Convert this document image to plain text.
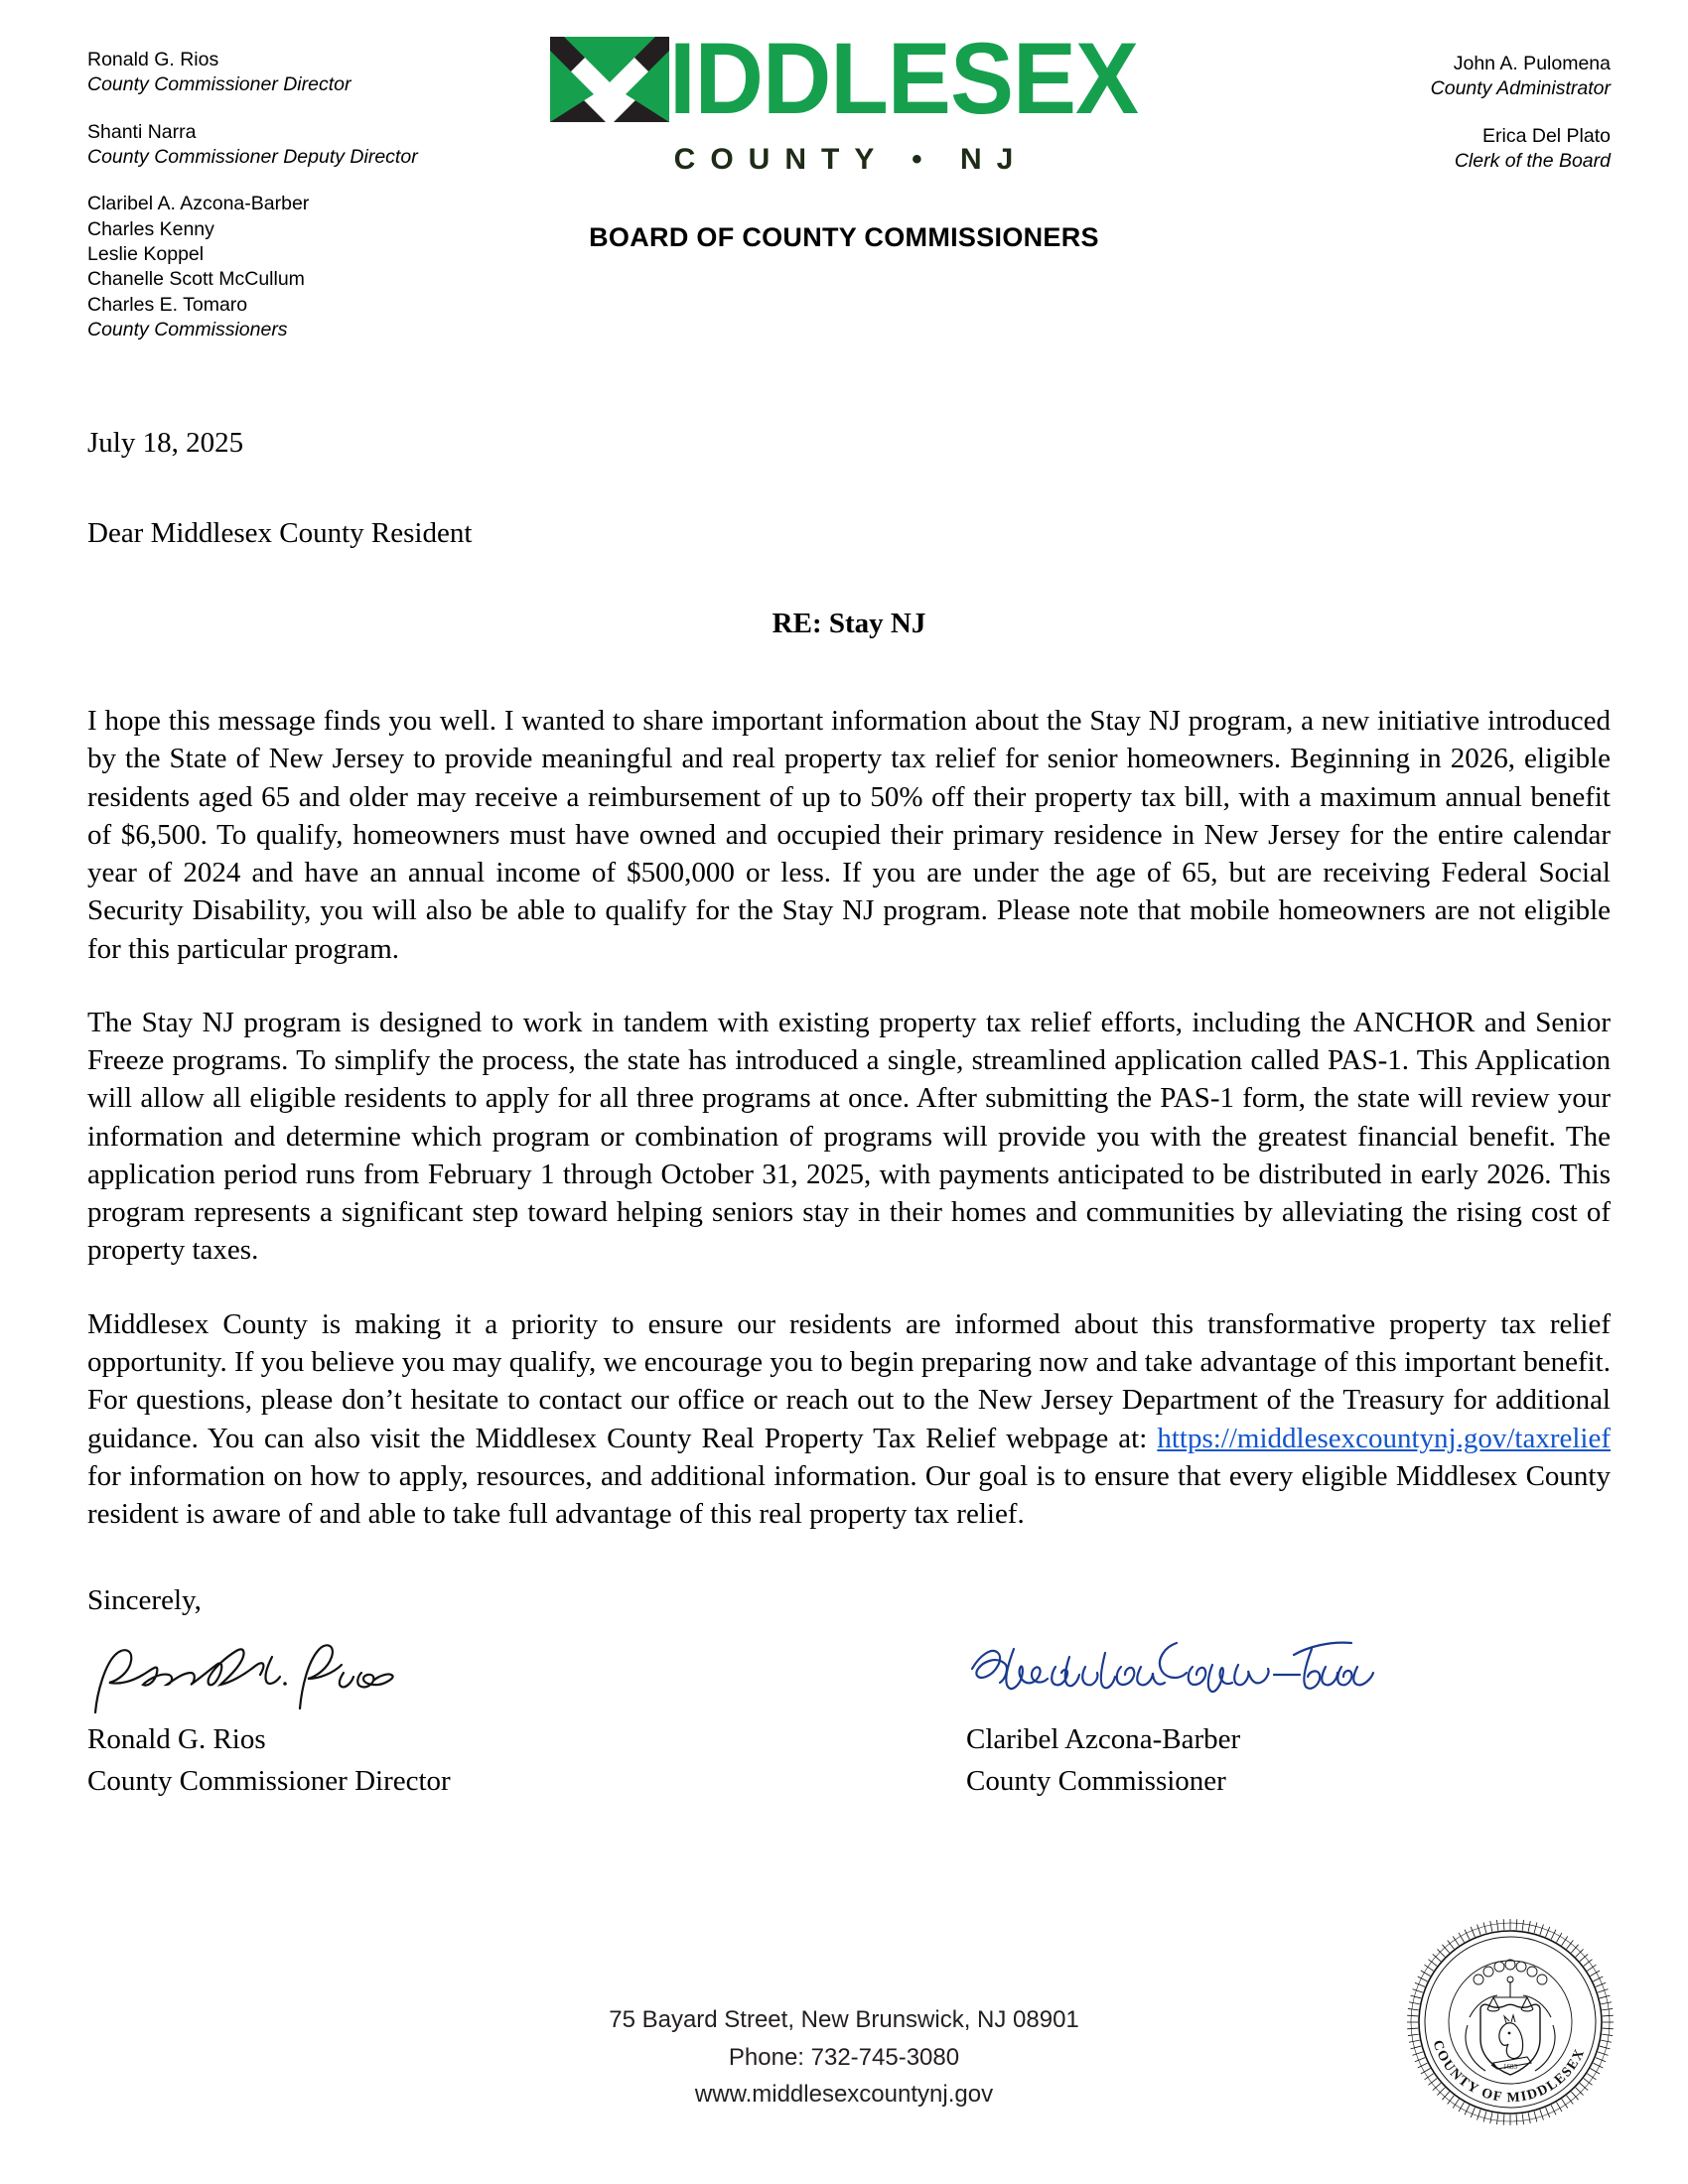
Ronald G. Rios
County Commissioner Director
Shanti Narra
County Commissioner Deputy Director
Claribel A. Azcona-Barber
Charles Kenny
Leslie Koppel
Chanelle Scott McCullum
Charles E. Tomaro
County Commissioners
John A. Pulomena
County Administrator
Erica Del Plato
Clerk of the Board
IDDLESEX
COUNTY • NJ
BOARD OF COUNTY COMMISSIONERS
July 18, 2025
Dear Middlesex County Resident
RE: Stay NJ

I hope this message finds you well. I wanted to share important information about the Stay NJ program, a new initiative introduced by the State of New Jersey to provide meaningful and real property tax relief for senior homeowners. Beginning in 2026, eligible residents aged 65 and older may receive a reimbursement of up to 50% off their property tax bill, with a maximum annual benefit of $6,500. To qualify, homeowners must have owned and occupied their primary residence in New Jersey for the entire calendar year of 2024 and have an annual income of $500,000 or less. If you are under the age of 65, but are receiving Federal Social Security Disability, you will also be able to qualify for the Stay NJ program. Please note that mobile homeowners are not eligible for this particular program.

The Stay NJ program is designed to work in tandem with existing property tax relief efforts, including the ANCHOR and Senior Freeze programs. To simplify the process, the state has introduced a single, streamlined application called PAS-1. This Application will allow all eligible residents to apply for all three programs at once. After submitting the PAS-1 form, the state will review your information and determine which program or combination of programs will provide you with the greatest financial benefit. The application period runs from February 1 through October 31, 2025, with payments anticipated to be distributed in early 2026. This program represents a significant step toward helping seniors stay in their homes and communities by alleviating the rising cost of property taxes.

Middlesex County is making it a priority to ensure our residents are informed about this transformative property tax relief opportunity. If you believe you may qualify, we encourage you to begin preparing now and take advantage of this important benefit. For questions, please don’t hesitate to contact our office or reach out to the New Jersey Department of the Treasury for additional guidance. You can also visit the Middlesex County Real Property Tax Relief webpage at: https://middlesexcountynj.gov/taxrelief for information on how to apply, resources, and additional information. Our goal is to ensure that every eligible Middlesex County resident is aware of and able to take full advantage of this real property tax relief.

Sincerely,
Ronald G. Rios
County Commissioner Director
Claribel Azcona-Barber
County Commissioner
COUNTY OF MIDDLESEX
1683
75 Bayard Street, New Brunswick, NJ 08901
Phone: 732-745-3080
www.middlesexcountynj.gov
